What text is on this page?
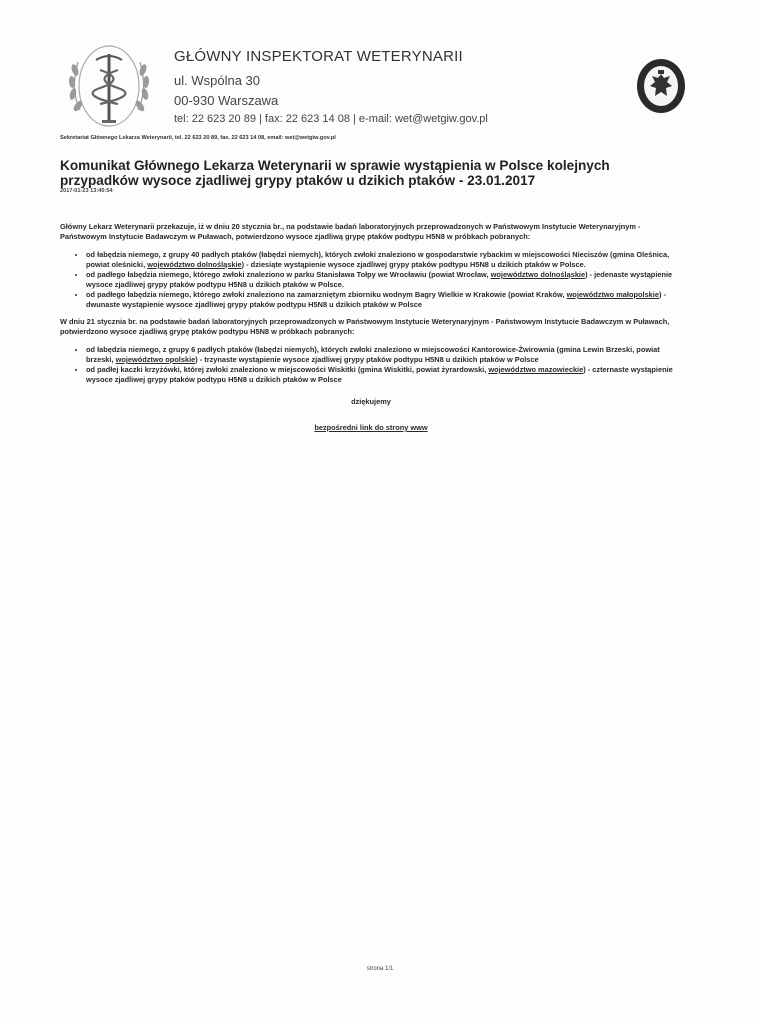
GŁÓWNY INSPEKTORAT WETERYNARII
ul. Wspólna 30
00-930 Warszawa
tel: 22 623 20 89 | fax: 22 623 14 08 | e-mail: wet@wetgiw.gov.pl
Sekretariat Głównego Lekarza Weterynarii, tel. 22 623 20 89, fax. 22 623 14 08, email: wet@wetgiw.gov.pl
Komunikat Głównego Lekarza Weterynarii w sprawie wystąpienia w Polsce kolejnych przypadków wysoce zjadliwej grypy ptaków u dzikich ptaków - 23.01.2017
2017-01-23 13:40:54

Główny Lekarz Weterynarii przekazuje, iż w dniu 20 stycznia br., na podstawie badań laboratoryjnych przeprowadzonych w Państwowym Instytucie Weterynaryjnym - Państwowym Instytucie Badawczym w Puławach, potwierdzono wysoce zjadliwą grypę ptaków podtypu H5N8 w próbkach pobranych:

• od łabędzia niemego, z grupy 40 padłych ptaków (łabędzi niemych), których zwłoki znaleziono w gospodarstwie rybackim w miejscowości Nieciszów (gmina Oleśnica, powiat oleśnicki, województwo dolnośląskie) - dziesiąte wystąpienie wysoce zjadliwej grypy ptaków podtypu H5N8 u dzikich ptaków w Polsce.
• od padłego łabędzia niemego, którego zwłoki znaleziono w parku Stanisława Tołpy we Wrocławiu (powiat Wrocław, województwo dolnośląskie) - jedenaste wystąpienie wysoce zjadliwej grypy ptaków podtypu H5N8 u dzikich ptaków w Polsce.
• od padłego łabędzia niemego, którego zwłoki znaleziono na zamarzniętym zbiorniku wodnym Bagry Wielkie w Krakowie (powiat Kraków, województwo małopolskie) - dwunaste wystąpienie wysoce zjadliwej grypy ptaków podtypu H5N8 u dzikich ptaków w Polsce

W dniu 21 stycznia br. na podstawie badań laboratoryjnych przeprowadzonych w Państwowym Instytucie Weterynaryjnym - Państwowym Instytucie Badawczym w Puławach, potwierdzono wysoce zjadliwą grypę ptaków podtypu H5N8 w próbkach pobranych:

• od łabędzia niemego, z grupy 6 padłych ptaków (łabędzi niemych), których zwłoki znaleziono w miejscowości Kantorowice-Żwirownia (gmina Lewin Brzeski, powiat brzeski, województwo opolskie) - trzynaste wystąpienie wysoce zjadliwej grypy ptaków podtypu H5N8 u dzikich ptaków w Polsce
• od padłej kaczki krzyżówki, której zwłoki znaleziono w miejscowości Wiskitki (gmina Wiskitki, powiat żyrardowski, województwo mazowieckie) - czternaste wystąpienie wysoce zjadliwej grypy ptaków podtypu H5N8 u dzikich ptaków w Polsce
dziękujemy
bezpośredni link do strony www
strona 1/1
